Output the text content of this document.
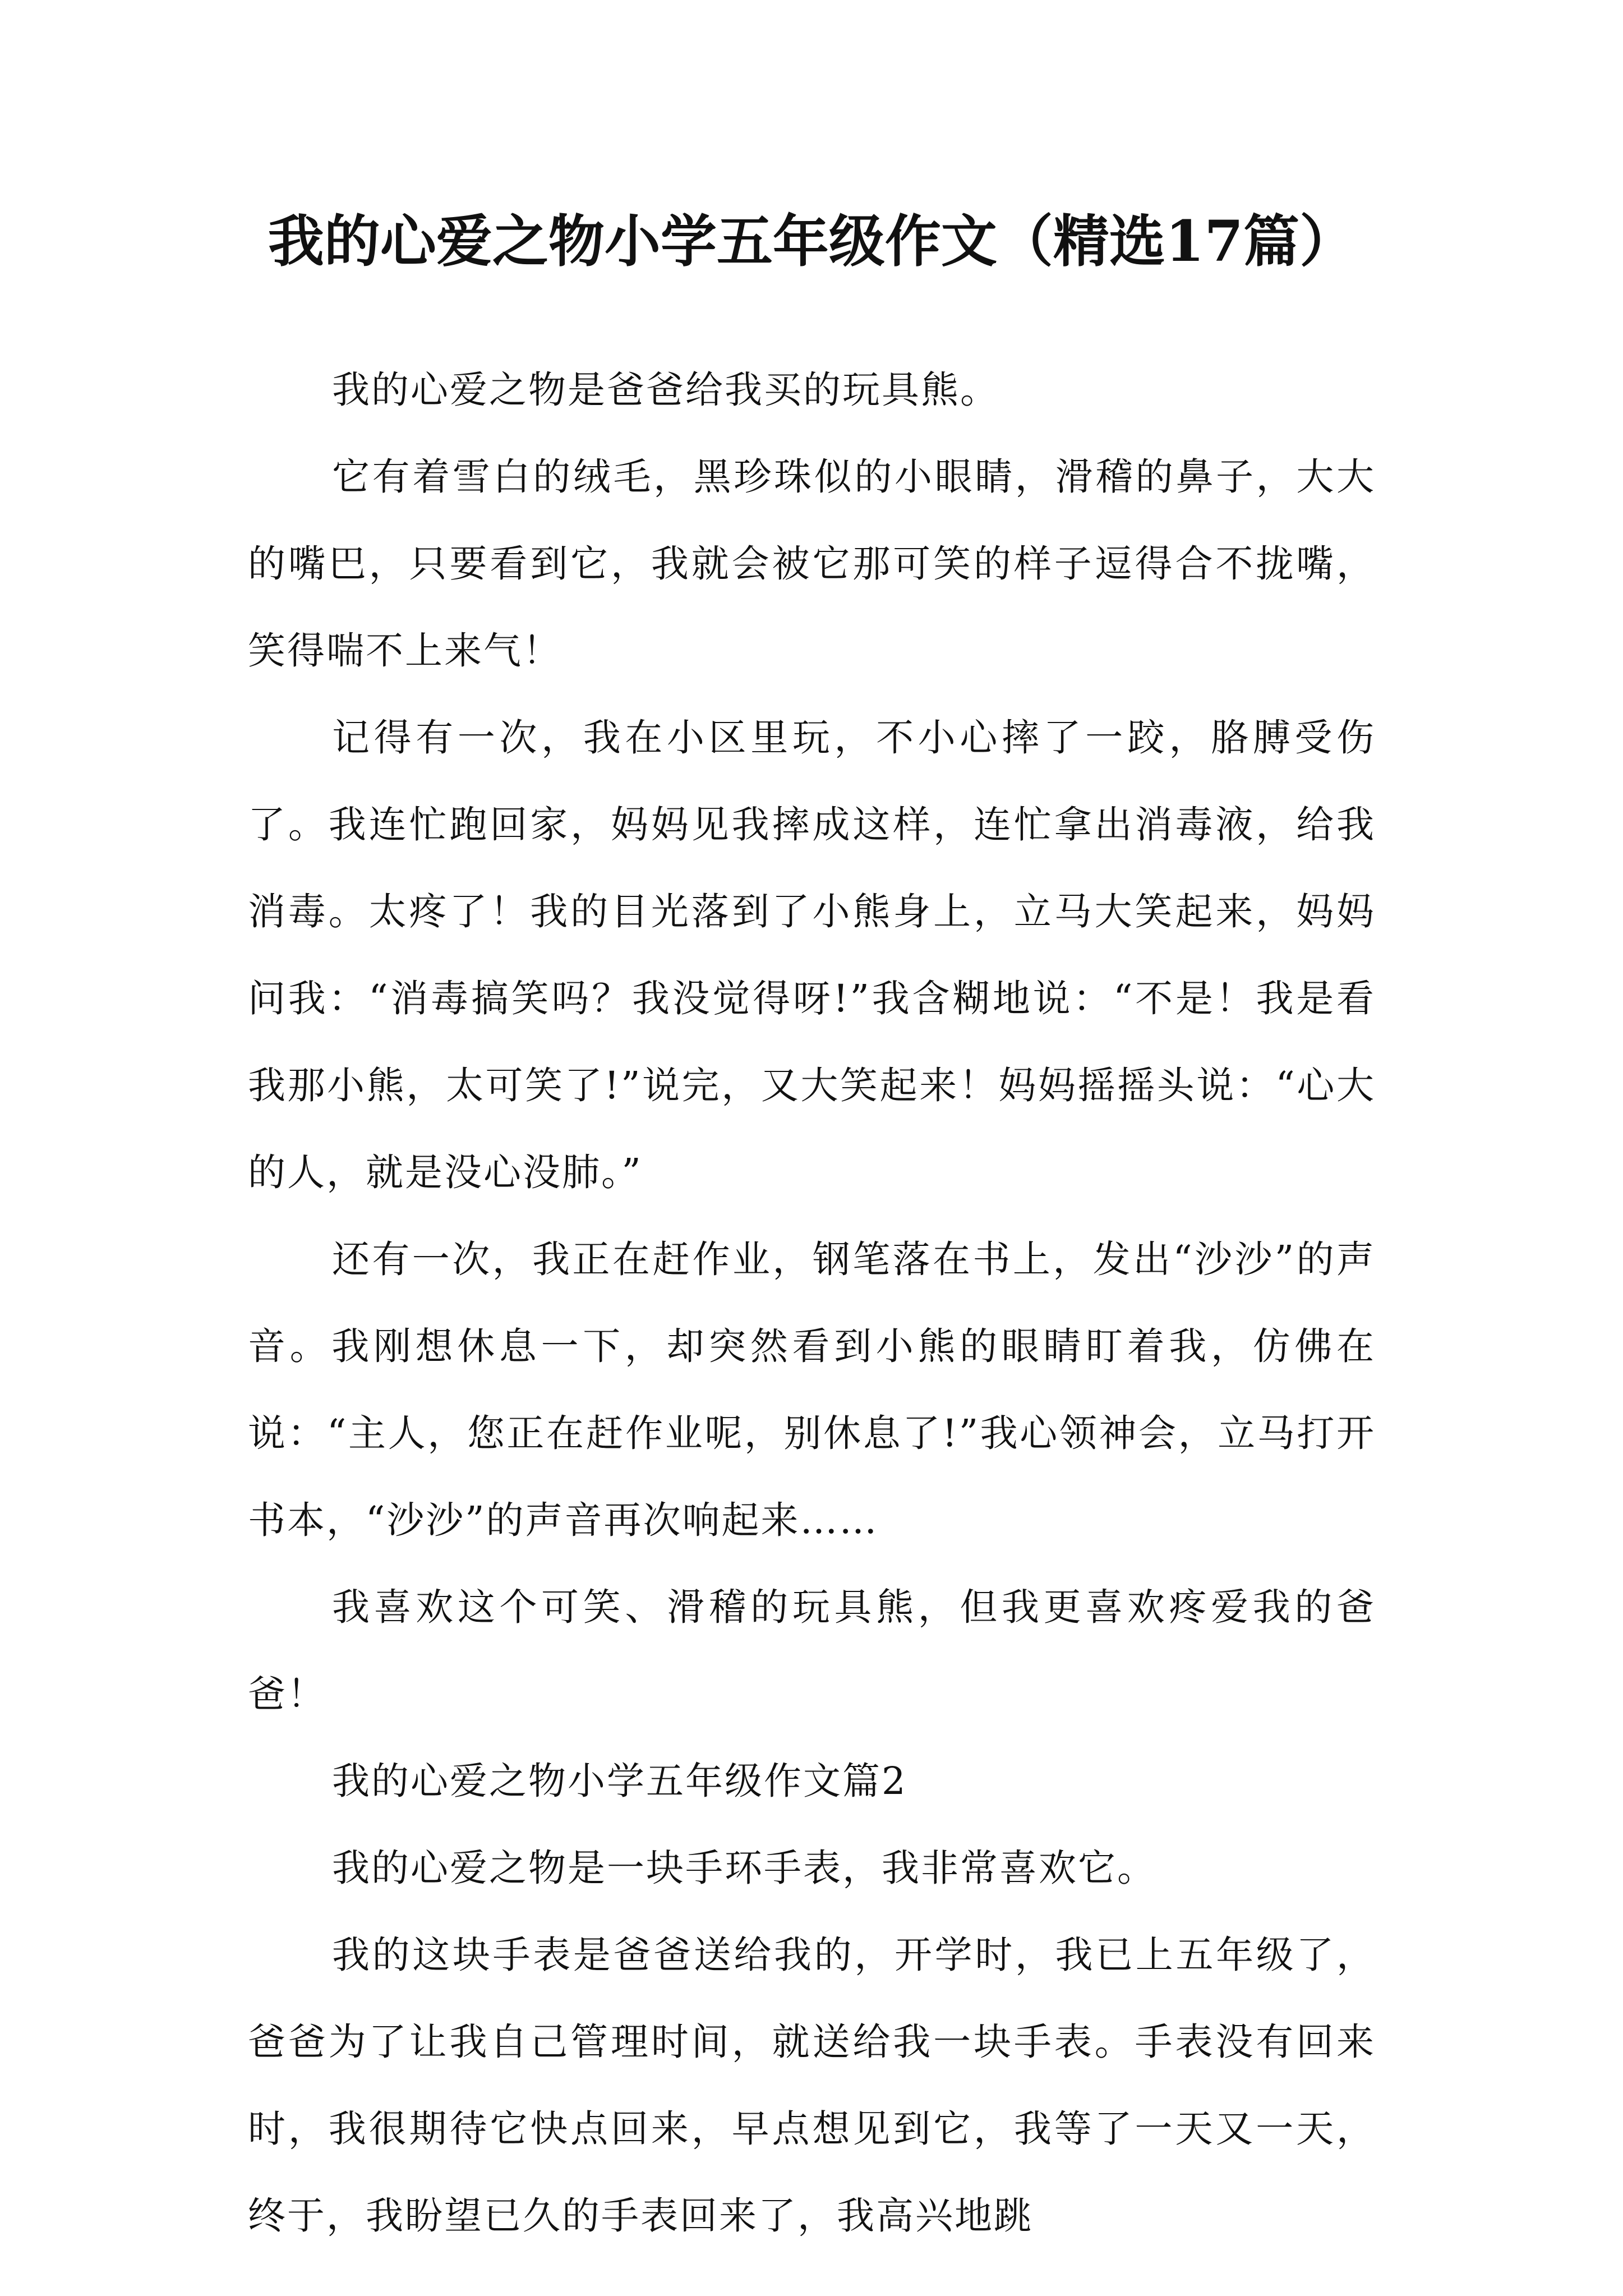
我的心爱之物小学五年级作文（精选17篇）

我的心爱之物是爸爸给我买的玩具熊。

它有着雪白的绒毛，黑珍珠似的小眼睛，滑稽的鼻子，大大的嘴巴，只要看到它，我就会被它那可笑的样子逗得合不拢嘴，笑得喘不上来气！

记得有一次，我在小区里玩，不小心摔了一跤，胳膊受伤了。我连忙跑回家，妈妈见我摔成这样，连忙拿出消毒液，给我消毒。太疼了！我的目光落到了小熊身上，立马大笑起来，妈妈问我：“消毒搞笑吗？我没觉得呀!”我含糊地说：“不是！我是看我那小熊，太可笑了!”说完，又大笑起来！妈妈摇摇头说：“心大的人，就是没心没肺。”

还有一次，我正在赶作业，钢笔落在书上，发出“沙沙”的声音。我刚想休息一下，却突然看到小熊的眼睛盯着我，仿佛在说：“主人，您正在赶作业呢，别休息了!”我心领神会，立马打开书本，“沙沙”的声音再次响起来……

我喜欢这个可笑、滑稽的玩具熊，但我更喜欢疼爱我的爸爸！

我的心爱之物小学五年级作文篇2

我的心爱之物是一块手环手表，我非常喜欢它。

我的这块手表是爸爸送给我的，开学时，我已上五年级了，爸爸为了让我自己管理时间，就送给我一块手表。手表没有回来时，我很期待它快点回来，早点想见到它，我等了一天又一天，终于，我盼望已久的手表回来了，我高兴地跳
